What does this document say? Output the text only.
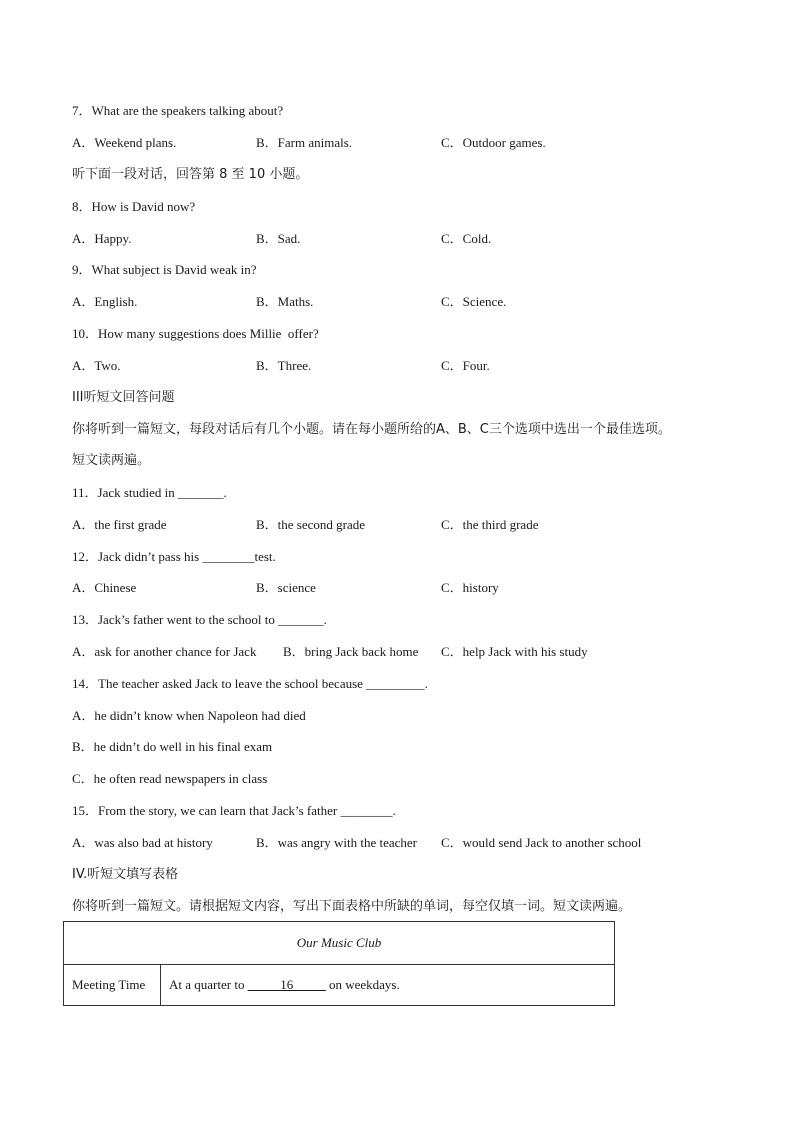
7．What are the speakers talking about?
A．Weekend plans.	B．Farm animals.	C．Outdoor games.
听下面一段对话，回答第 8 至 10 小题。
8．How is David now?
A．Happy.	B．Sad.	C．Cold.
9．What subject is David weak in?
A．English.	B．Maths.	C．Science.
10．How many suggestions does Millie  offer?
A．Two.	B．Three.	C．Four.
III听短文回答问题
你将听到一篇短文，每段对话后有几个小题。请在每小题所给的A、B、C三个选项中选出一个最佳选项。
短文读两遍。
11．Jack studied in _______.
A．the first grade	B．the second grade	C．the third grade
12．Jack didn’t pass his ________test.
A．Chinese	B．science	C．history
13．Jack’s father went to the school to _______.
A．ask for another chance for Jack B．bring Jack back home C．help Jack with his study
14．The teacher asked Jack to leave the school because _________.
A．he didn’t know when Napoleon had died
B．he didn’t do well in his final exam
C．he often read newspapers in class
15．From the story, we can learn that Jack’s father ________.
A．was also bad at history	B．was angry with the teacher C．would send Jack to another school
IV.听短文填写表格
你将听到一篇短文。请根据短文内容，写出下面表格中所缺的单词，每空仅填一词。短文读两遍。
Our Music Club
Meeting Time	At a quarter to _____16_____ on weekdays.
